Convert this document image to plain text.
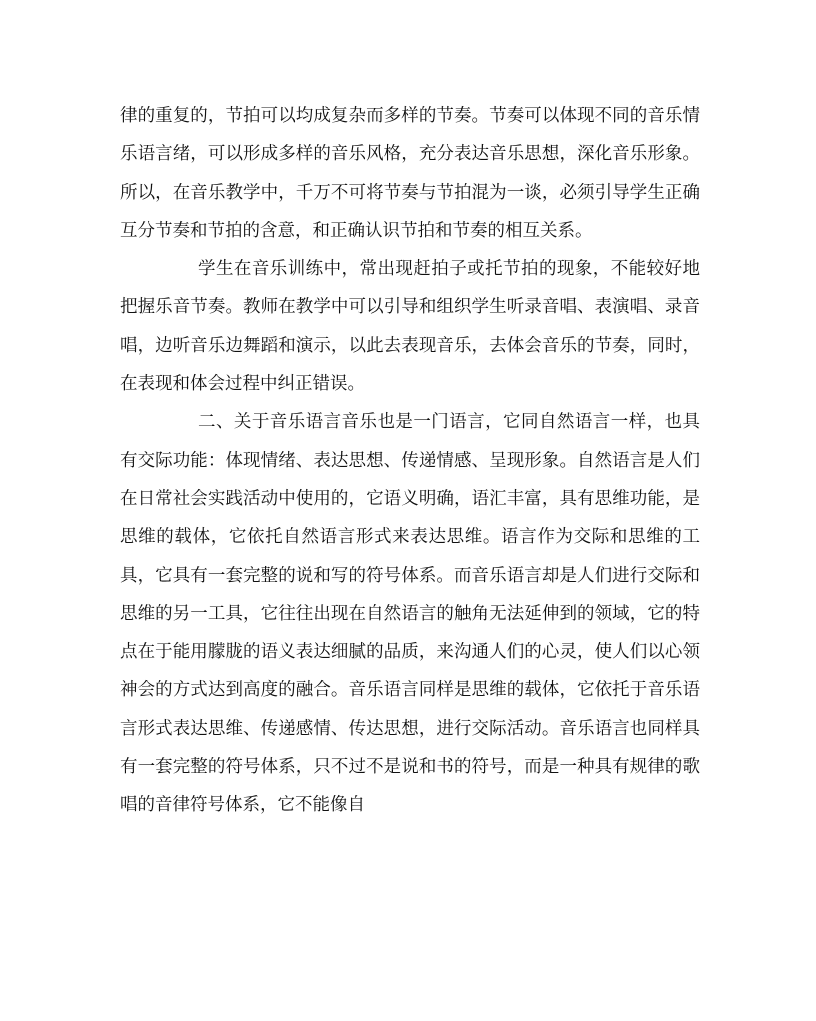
律的重复的，节拍可以均成复杂而多样的节奏。节奏可以体现不同的音乐情乐语言绪，可以形成多样的音乐风格，充分表达音乐思想，深化音乐形象。所以，在音乐教学中，千万不可将节奏与节拍混为一谈，必须引导学生正确互分节奏和节拍的含意，和正确认识节拍和节奏的相互关系。

学生在音乐训练中，常出现赶拍子或托节拍的现象，不能较好地把握乐音节奏。教师在教学中可以引导和组织学生听录音唱、表演唱、录音唱，边听音乐边舞蹈和演示，以此去表现音乐，去体会音乐的节奏，同时，在表现和体会过程中纠正错误。

二、关于音乐语言音乐也是一门语言，它同自然语言一样，也具有交际功能：体现情绪、表达思想、传递情感、呈现形象。自然语言是人们在日常社会实践活动中使用的，它语义明确，语汇丰富，具有思维功能，是思维的载体，它依托自然语言形式来表达思维。语言作为交际和思维的工具，它具有一套完整的说和写的符号体系。而音乐语言却是人们进行交际和思维的另一工具，它往往出现在自然语言的触角无法延伸到的领域，它的特点在于能用朦胧的语义表达细腻的品质，来沟通人们的心灵，使人们以心领神会的方式达到高度的融合。音乐语言同样是思维的载体，它依托于音乐语言形式表达思维、传递感情、传达思想，进行交际活动。音乐语言也同样具有一套完整的符号体系，只不过不是说和书的符号，而是一种具有规律的歌唱的音律符号体系，它不能像自
